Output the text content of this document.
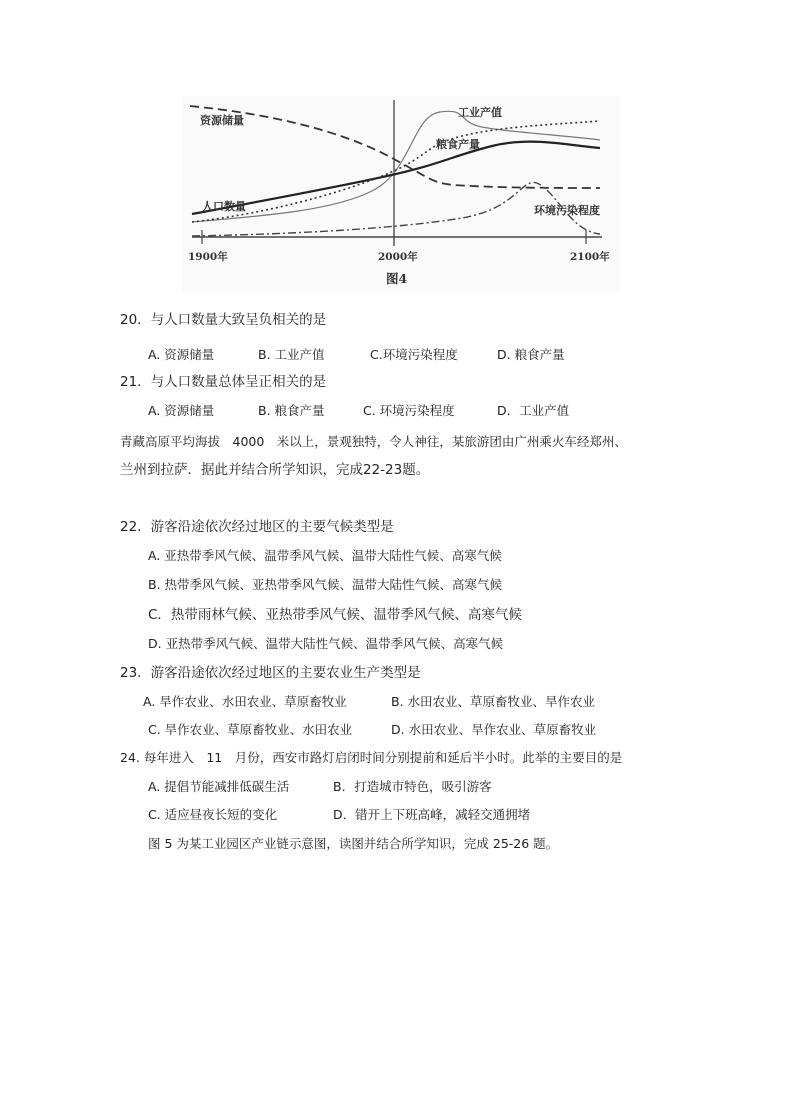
资源储量
工业产值
粮食产量
人口数量	环境污染程度
1900年	2000年	2100年
图4
20．与人口数量大致呈负相关的是
A. 资源储量	B. 工业产值	C.环境污染程度	D. 粮食产量
21．与人口数量总体呈正相关的是
A. 资源储量	B. 粮食产量	C. 环境污染程度	D．工业产值
青藏高原平均海拔　4000　米以上，景观独特，令人神往，某旅游团由广州乘火车经郑州、
兰州到拉萨．据此并结合所学知识，完成22-23题。
22．游客沿途依次经过地区的主要气候类型是
A. 亚热带季风气候、温带季风气候、温带大陆性气候、高寒气候
B. 热带季风气候、亚热带季风气候、温带大陆性气候、高寒气候
C．热带雨林气候、亚热带季风气候、温带季风气候、高寒气候
D. 亚热带季风气候、温带大陆性气候、温带季风气候、高寒气候
23．游客沿途依次经过地区的主要农业生产类型是
A. 旱作农业、水田农业、草原畜牧业	B. 水田农业、草原畜牧业、旱作农业
C. 旱作农业、草原畜牧业、水田农业	D. 水田农业、旱作农业、草原畜牧业
24. 每年进入　11　月份，西安市路灯启闭时间分别提前和延后半小时。此举的主要目的是
A. 提倡节能减排低碳生活	B．打造城市特色，吸引游客
C. 适应昼夜长短的变化	D．错开上下班高峰，减轻交通拥堵
图 5 为某工业园区产业链示意图，读图并结合所学知识，完成 25-26 题。
